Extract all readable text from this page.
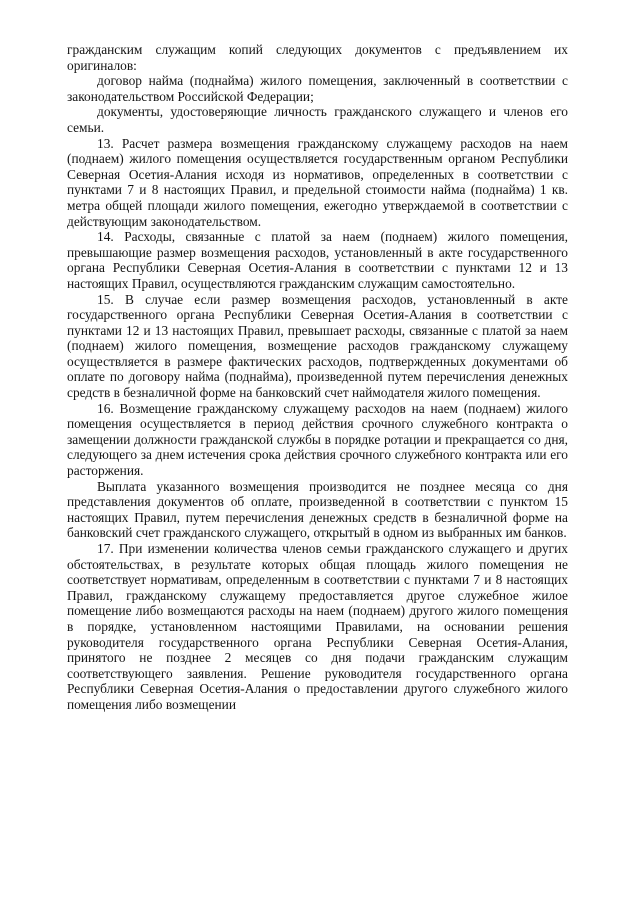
гражданским служащим копий следующих документов с предъявлением их оригиналов:

договор найма (поднайма) жилого помещения, заключенный в соответствии с законодательством Российской Федерации;

документы, удостоверяющие личность гражданского служащего и членов его семьи.

13. Расчет размера возмещения гражданскому служащему расходов на наем (поднаем) жилого помещения осуществляется государственным органом Республики Северная Осетия-Алания исходя из нормативов, определенных в соответствии с пунктами 7 и 8 настоящих Правил, и предельной стоимости найма (поднайма) 1 кв. метра общей площади жилого помещения, ежегодно утверждаемой в соответствии с действующим законодательством.

14. Расходы, связанные с платой за наем (поднаем) жилого помещения, превышающие размер возмещения расходов, установленный в акте государственного органа Республики Северная Осетия-Алания в соответствии с пунктами 12 и 13 настоящих Правил, осуществляются гражданским служащим самостоятельно.

15. В случае если размер возмещения расходов, установленный в акте государственного органа Республики Северная Осетия-Алания в соответствии с пунктами 12 и 13 настоящих Правил, превышает расходы, связанные с платой за наем (поднаем) жилого помещения, возмещение расходов гражданскому служащему осуществляется в размере фактических расходов, подтвержденных документами об оплате по договору найма (поднайма), произведенной путем перечисления денежных средств в безналичной форме на банковский счет наймодателя жилого помещения.

16. Возмещение гражданскому служащему расходов на наем (поднаем) жилого помещения осуществляется в период действия срочного служебного контракта о замещении должности гражданской службы в порядке ротации и прекращается со дня, следующего за днем истечения срока действия срочного служебного контракта или его расторжения.

Выплата указанного возмещения производится не позднее месяца со дня представления документов об оплате, произведенной в соответствии с пунктом 15 настоящих Правил, путем перечисления денежных средств в безналичной форме на банковский счет гражданского служащего, открытый в одном из выбранных им банков.

17. При изменении количества членов семьи гражданского служащего и других обстоятельствах, в результате которых общая площадь жилого помещения не соответствует нормативам, определенным в соответствии с пунктами 7 и 8 настоящих Правил, гражданскому служащему предоставляется другое служебное жилое помещение либо возмещаются расходы на наем (поднаем) другого жилого помещения в порядке, установленном настоящими Правилами, на основании решения руководителя государственного органа Республики Северная Осетия-Алания, принятого не позднее 2 месяцев со дня подачи гражданским служащим соответствующего заявления. Решение руководителя государственного органа Республики Северная Осетия-Алания о предоставлении другого служебного жилого помещения либо возмещении
